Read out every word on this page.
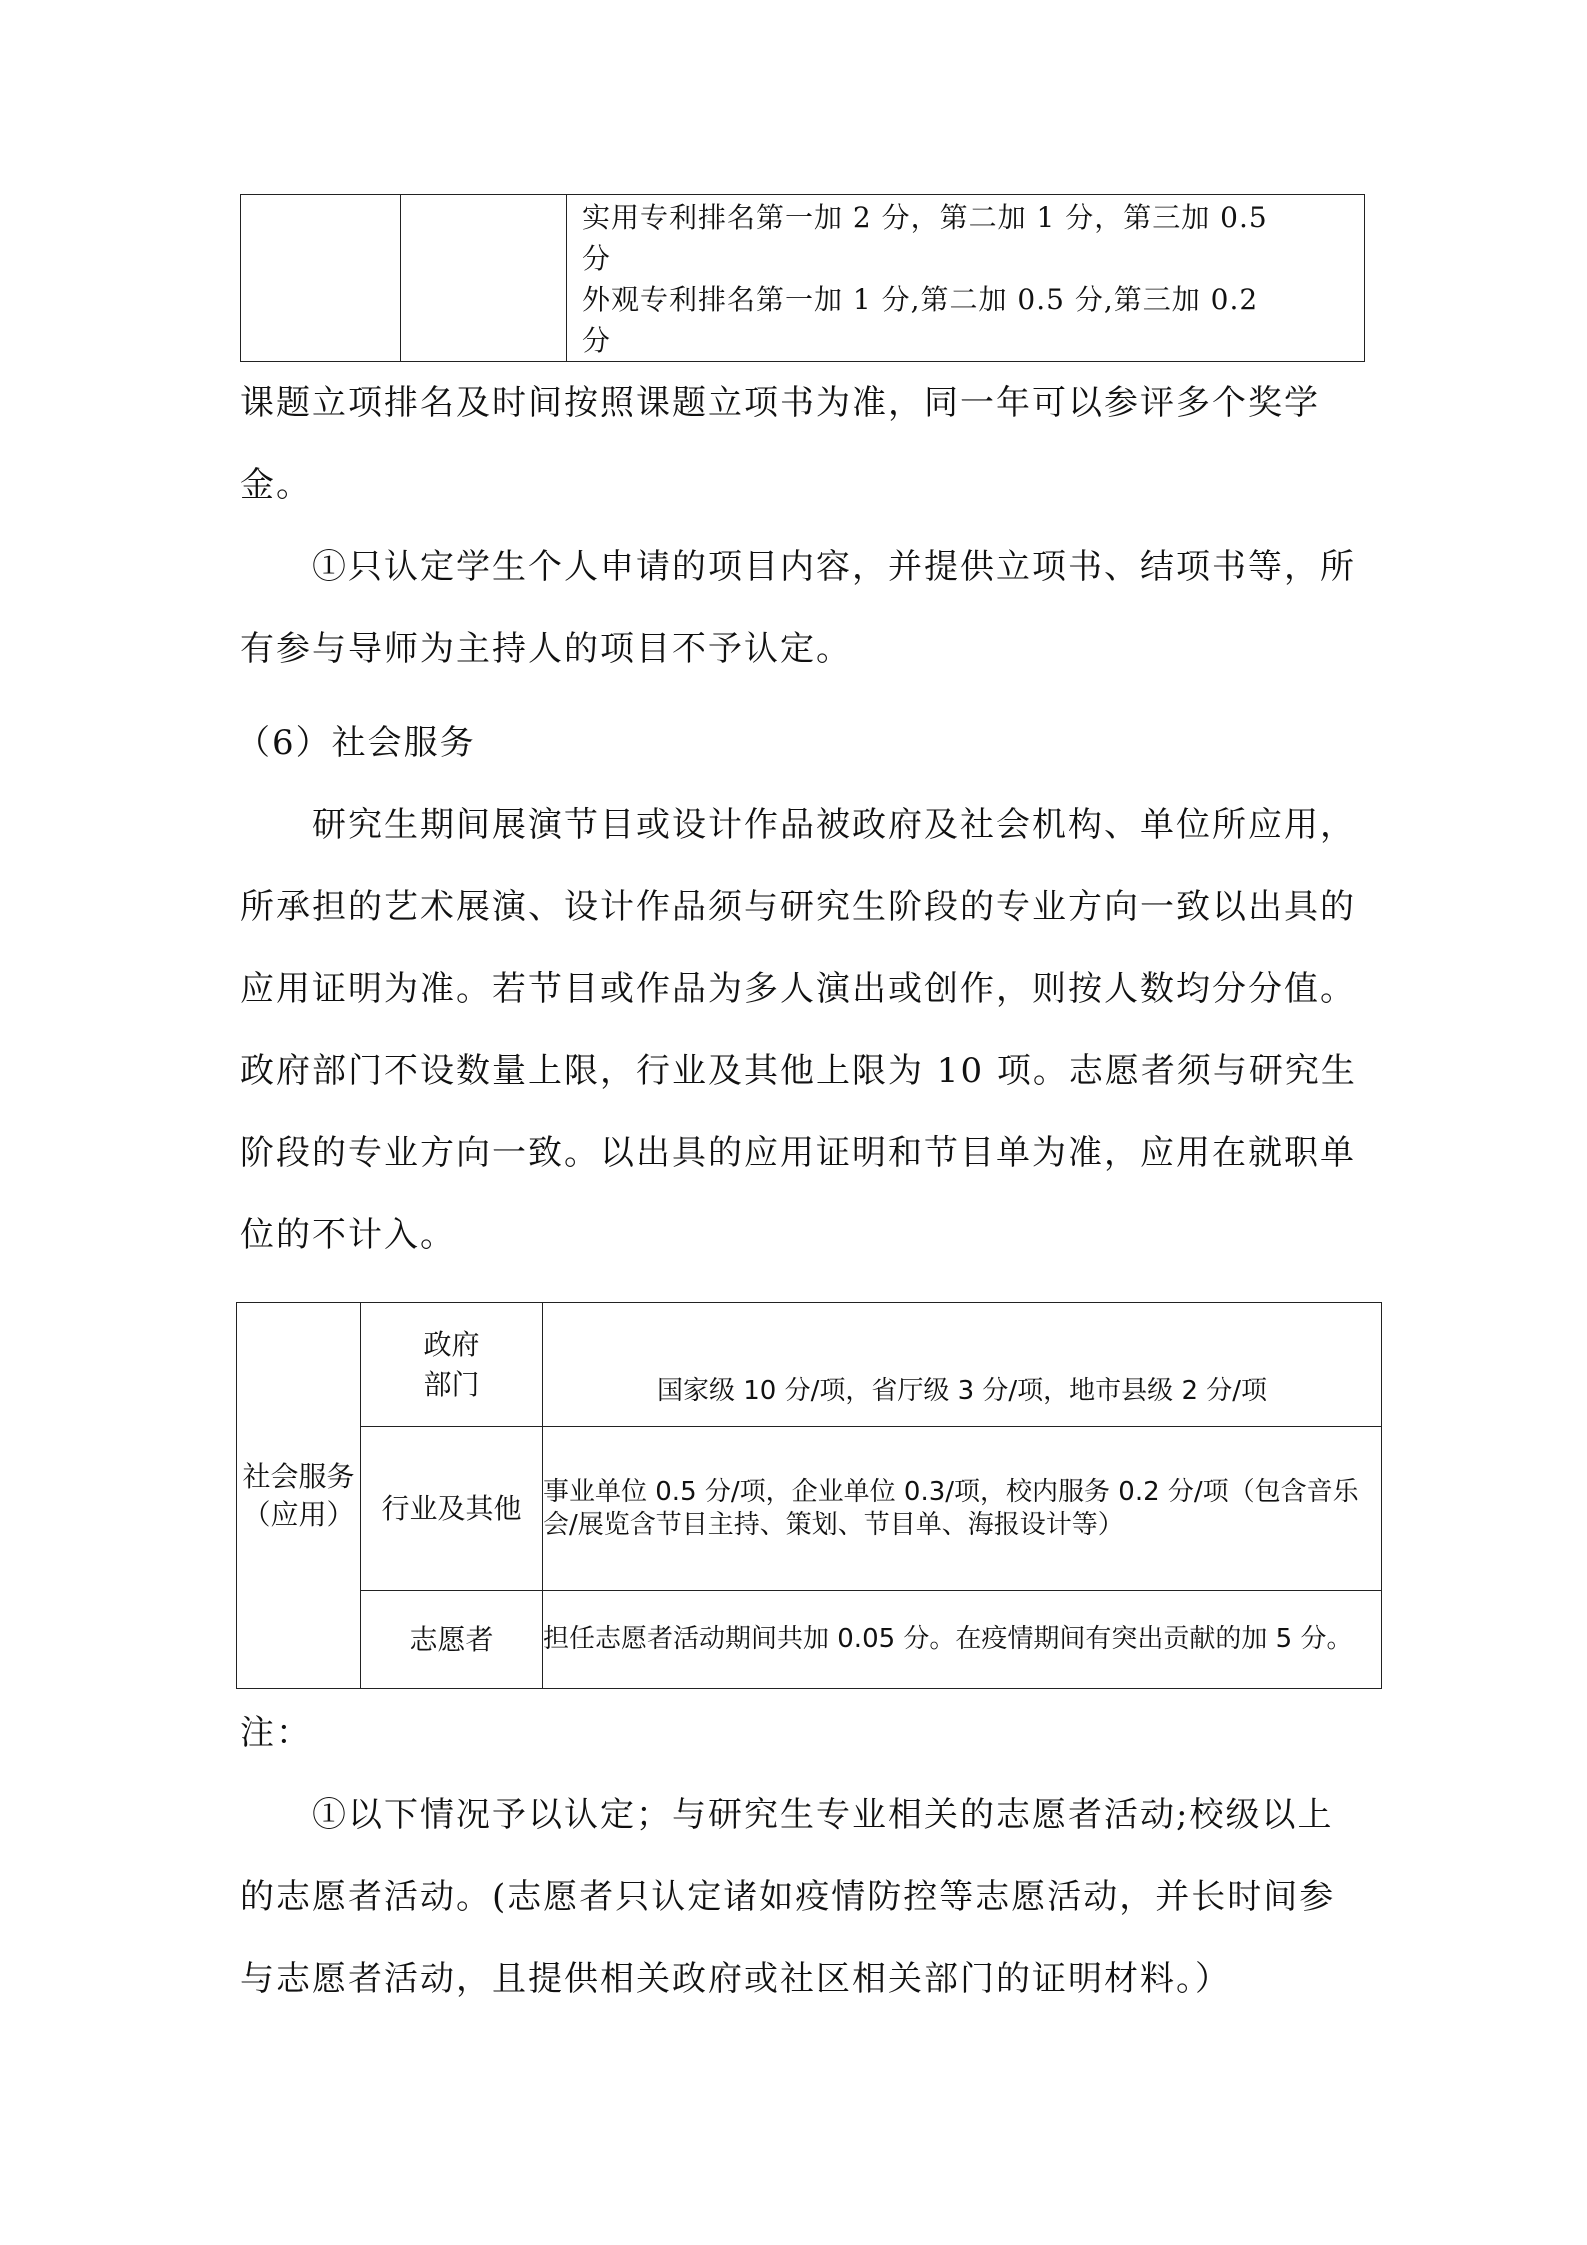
实用专利排名第一加 2 分，第二加 1 分，第三加 0.5
分
外观专利排名第一加 1 分,第二加 0.5 分,第三加 0.2
分

课题立项排名及时间按照课题立项书为准，同一年可以参评多个奖学金。

①只认定学生个人申请的项目内容，并提供立项书、结项书等，所有参与导师为主持人的项目不予认定。

（6）社会服务

研究生期间展演节目或设计作品被政府及社会机构、单位所应用，所承担的艺术展演、设计作品须与研究生阶段的专业方向一致以出具的应用证明为准。若节目或作品为多人演出或创作，则按人数均分分值。政府部门不设数量上限，行业及其他上限为 10 项。志愿者须与研究生阶段的专业方向一致。以出具的应用证明和节目单为准，应用在就职单位的不计入。

社会服务（应用）	政府部门	国家级 10 分/项，省厅级 3 分/项，地市县级 2 分/项
	行业及其他	事业单位 0.5 分/项，企业单位 0.3/项，校内服务 0.2 分/项（包含音乐会/展览含节目主持、策划、节目单、海报设计等）
	志愿者	担任志愿者活动期间共加 0.05 分。在疫情期间有突出贡献的加 5 分。

注：

①以下情况予以认定；与研究生专业相关的志愿者活动;校级以上的志愿者活动。(志愿者只认定诸如疫情防控等志愿活动，并长时间参与志愿者活动，且提供相关政府或社区相关部门的证明材料。）
